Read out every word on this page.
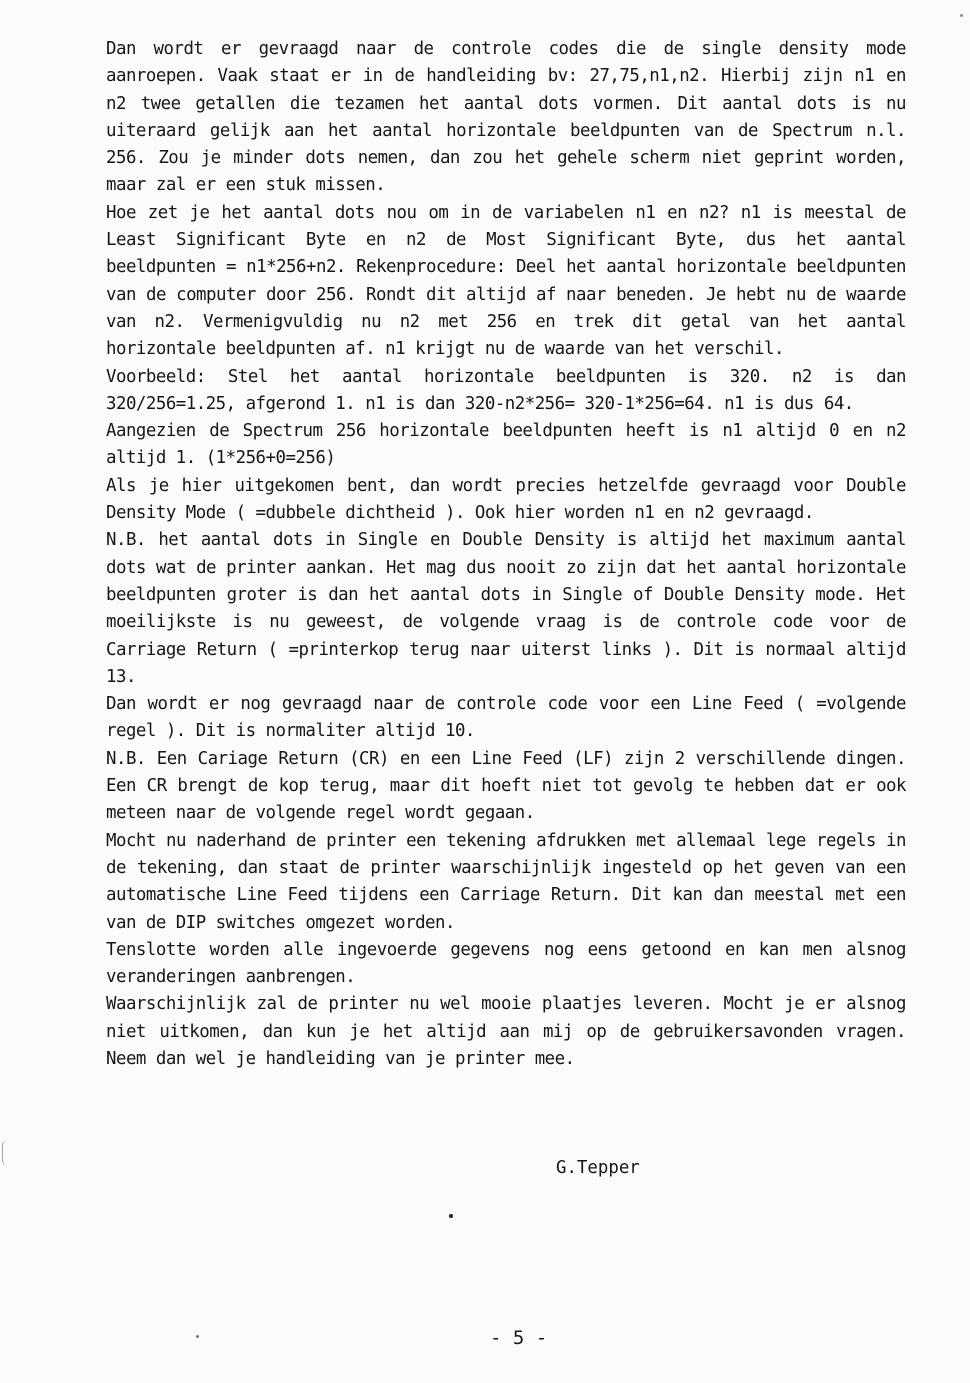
Dan wordt er gevraagd naar de controle codes die de single density mode
aanroepen. Vaak staat er in de handleiding bv: 27,75,n1,n2. Hierbij zijn n1 en
n2 twee getallen die tezamen het aantal dots vormen. Dit aantal dots is nu
uiteraard gelijk aan het aantal horizontale beeldpunten van de Spectrum n.l.
256. Zou je minder dots nemen, dan zou het gehele scherm niet geprint worden,
maar zal er een stuk missen.
Hoe zet je het aantal dots nou om in de variabelen n1 en n2? n1 is meestal de
Least Significant Byte en n2 de Most Significant Byte, dus het aantal
beeldpunten = n1*256+n2. Rekenprocedure: Deel het aantal horizontale beeldpunten
van de computer door 256. Rondt dit altijd af naar beneden. Je hebt nu de waarde
van n2. Vermenigvuldig nu n2 met 256 en trek dit getal van het aantal
horizontale beeldpunten af. n1 krijgt nu de waarde van het verschil.
Voorbeeld: Stel het aantal horizontale beeldpunten is 320. n2 is dan
320/256=1.25, afgerond 1. n1 is dan 320-n2*256= 320-1*256=64. n1 is dus 64.
Aangezien de Spectrum 256 horizontale beeldpunten heeft is n1 altijd 0 en n2
altijd 1. (1*256+0=256)
Als je hier uitgekomen bent, dan wordt precies hetzelfde gevraagd voor Double
Density Mode ( =dubbele dichtheid ). Ook hier worden n1 en n2 gevraagd.
N.B. het aantal dots in Single en Double Density is altijd het maximum aantal
dots wat de printer aankan. Het mag dus nooit zo zijn dat het aantal horizontale
beeldpunten groter is dan het aantal dots in Single of Double Density mode. Het
moeilijkste is nu geweest, de volgende vraag is de controle code voor de
Carriage Return ( =printerkop terug naar uiterst links ). Dit is normaal altijd
13.
Dan wordt er nog gevraagd naar de controle code voor een Line Feed ( =volgende
regel ). Dit is normaliter altijd 10.
N.B. Een Cariage Return (CR) en een Line Feed (LF) zijn 2 verschillende dingen.
Een CR brengt de kop terug, maar dit hoeft niet tot gevolg te hebben dat er ook
meteen naar de volgende regel wordt gegaan.
Mocht nu naderhand de printer een tekening afdrukken met allemaal lege regels in
de tekening, dan staat de printer waarschijnlijk ingesteld op het geven van een
automatische Line Feed tijdens een Carriage Return. Dit kan dan meestal met een
van de DIP switches omgezet worden.
Tenslotte worden alle ingevoerde gegevens nog eens getoond en kan men alsnog
veranderingen aanbrengen.
Waarschijnlijk zal de printer nu wel mooie plaatjes leveren. Mocht je er alsnog
niet uitkomen, dan kun je het altijd aan mij op de gebruikersavonden vragen.
Neem dan wel je handleiding van je printer mee.
G.Tepper
- 5 -
